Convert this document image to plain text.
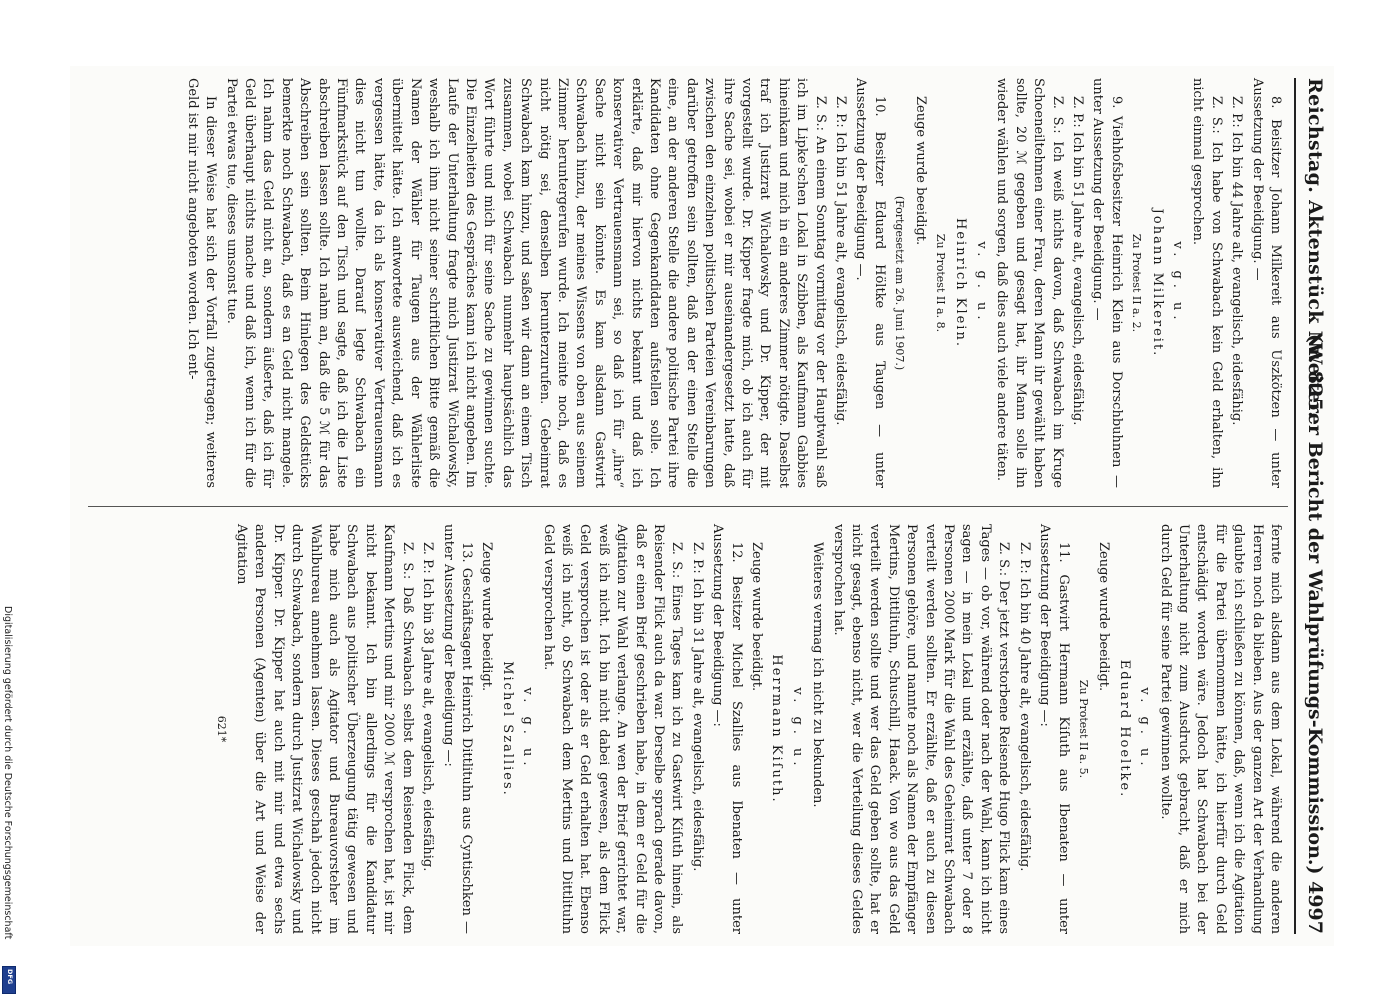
Reichstag. Aktenstück Nr. 825.
(Weiterer Bericht der Wahlprüfungs-Kommission.) 4997

8. Beisitzer Johann Milkereit aus Uszkötzen — unter Aussetzung der Beeidigung. —

Z. P.: Ich bin 44 Jahre alt, evangelisch, eidesfähig.

Z. S.: Ich habe von Schwabach kein Geld erhalten, ihn nicht einmal gesprochen.

v. g. u.

Johann Milkereit.

Zu Protest II a. 2.

9. Viehhofsbesitzer Heinrich Klein aus Dorschbuhnen — unter Aussetzung der Beeidigung. —

Z. P.: Ich bin 51 Jahre alt, evangelisch, eidesfähig.

Z. S.: Ich weiß nichts davon, daß Schwabach im Kruge Schoeneiltehmen einer Frau, deren Mann ihr gewählt haben sollte, 20 ℳ gegeben und gesagt hat, ihr Mann solle ihn wieder wählen und sorgen, daß dies auch viele andere täten.

v. g. u.

Heinrich Klein.

Zu Protest II a. 8.

Zeuge wurde beeidigt.

(Fortgesetzt am 26. Juni 1907.)

10. Besitzer Eduard Höltke aus Taugen — unter Aussetzung der Beeidigung —.

Z. P.: Ich bin 51 Jahre alt, evangelisch, eidesfähig.

Z. S.: An einem Sonntag vormittag vor der Hauptwahl saß ich im Lipke'schen Lokal in Szibben, als Kaufmann Gabbies hineinkam und mich in ein anderes Zimmer nötigte. Daselbst traf ich Justizrat Wichalowsky und Dr. Kipper, der mit vorgestellt wurde. Dr. Kipper fragte mich, ob ich auch für ihre Sache sei, wobei er mir auseinandergesetzt hatte, daß zwischen den einzelnen politischen Parteien Vereinbarungen darüber getroffen sein sollten, daß an der einen Stelle die eine, an der anderen Stelle die andere politische Partei ihre Kandidaten ohne Gegenkandidaten aufstellen solle. Ich erklärte, daß mir hiervon nichts bekannt und daß ich konservativer Vertrauensmann sei, so daß ich für „ihre“ Sache nicht sein könnte. Es kam alsdann Gastwirt Schwabach hinzu, der meines Wissens von oben aus seinem Zimmer heruntergerufen wurde. Ich meinte noch, daß es nicht nötig sei, denselben herunterzurufen. Gebeimrat Schwabach kam hinzu, und saßen wir dann an einem Tisch zusammen, wobei Schwabach nunmehr hauptsächlich das Wort führte und mich für seine Sache zu gewinnen suchte. Die Einzelheiten des Gespräches kann ich nicht angeben. Im Laufe der Unterhaltung fragte mich Justizrat Wichalowsky, weshalb ich ihm nicht seiner schriftlichen Bitte gemäß die Namen der Wähler für Taugen aus der Wählerliste übermittelt hätte. Ich antwortete ausweichend, daß ich es vergessen hätte, da ich als konservativer Vertrauensmann dies nicht tun wollte. Darauf legte Schwabach ein Fünfmarkstück auf den Tisch und sagte, daß ich die Liste abschreiben lassen sollte. Ich nahm an, daß die 5 ℳ für das Abschreiben sein sollten. Beim Hinlegen des Geldstücks bemerkte noch Schwabach, daß es an Geld nicht mangele. Ich nahm das Geld nicht an, sondern äußerte, daß ich für Geld überhaupt nichts mache und daß ich, wenn ich für die Partei etwas tue, dieses umsonst tue.

In dieser Weise hat sich der Vorfall zugetragen; weiteres Geld ist mir nicht angeboten worden. Ich ent-

fernte mich alsdann aus dem Lokal, während die anderen Herren noch da blieben. Aus der ganzen Art der Verhandlung glaubte ich schließen zu können, daß, wenn ich die Agitation für die Partei übernommen hätte, ich hierfür durch Geld entschädigt worden wäre. Jedoch hat Schwabach bei der Unterhaltung nicht zum Ausdruck gebracht, daß er mich durch Geld für seine Partei gewinnen wollte.

v. g. u.

Eduard Hoeltke.

Zeuge wurde beeidigt.

Zu Protest II a. 5.

11. Gastwirt Hermann Kiſuth aus Ibenaten — unter Aussetzung der Beeidigung —:

Z. P.: Ich bin 40 Jahre alt, evangelisch, eidesfähig.

Z. S.: Der jetzt verstorbene Reisende Hugo Flick kam eines Tages — ob vor, während oder nach der Wahl, kann ich nicht sagen — in mein Lokal und erzählte, daß unter 7 oder 8 Personen 2000 Mark für die Wahl des Geheimrat Schwabach verteilt werden sollten. Er erzählte, daß er auch zu diesen Personen gehöre, und nannte noch als Namen der Empfänger Mertins, Dittlituhn, Schuschill, Haack. Von wo aus das Geld verteilt werden sollte und wer das Geld geben sollte, hat er nicht gesagt, ebenso nicht, wer die Verteilung dieses Geldes versprochen hat.

Weiteres vermag ich nicht zu bekunden.

v. g. u.

Herrmann Kiſuth.

Zeuge wurde beeidigt.

12. Besitzer Michel Szallies aus Ibenaten — unter Aussetzung der Beeidigung —:

Z. P.: Ich bin 31 Jahre alt, evangelisch, eidesfähig.

Z. S.: Eines Tages kam ich zu Gastwirt Kiſuth hinein, als Reisender Flick auch da war. Derselbe sprach gerade davon, daß er einen Brief geschrieben habe, in dem er Geld für die Agitation zur Wahl verlange. An wen der Brief gerichtet war, weiß ich nicht. Ich bin nicht dabei gewesen, als dem Flick Geld versprochen ist oder als er Geld erhalten hat. Ebenso weiß ich nicht, ob Schwabach dem Mertins und Dittlituhn Geld versprochen hat.

v. g. u.

Michel Szallies.

Zeuge wurde beeidigt.

13. Geschäftsagent Heinrich Dittlituhn aus Cyntischken — unter Aussetzung der Beeidigung —:

Z. P.: Ich bin 38 Jahre alt, evangelisch, eidesfähig.

Z. S.: Daß Schwabach selbst dem Reisenden Flick, dem Kaufmann Mertins und mir 2000 ℳ versprochen hat, ist mir nicht bekannt. Ich bin allerdings für die Kandidatur Schwabach aus politischer Überzeugung tätig gewesen und habe mich auch als Agitator und Bureauvorsteher im Wahlbureau annehmen lassen. Dieses geschah jedoch nicht durch Schwabach, sondern durch Justizrat Wichalowsky und Dr. Kipper. Dr. Kipper hat auch mit mir und etwa sechs anderen Personen (Agenten) über die Art und Weise der Agitation

621*

Digitalisierung gefördert durch die Deutsche Forschungsgemeinschaft
DFG
